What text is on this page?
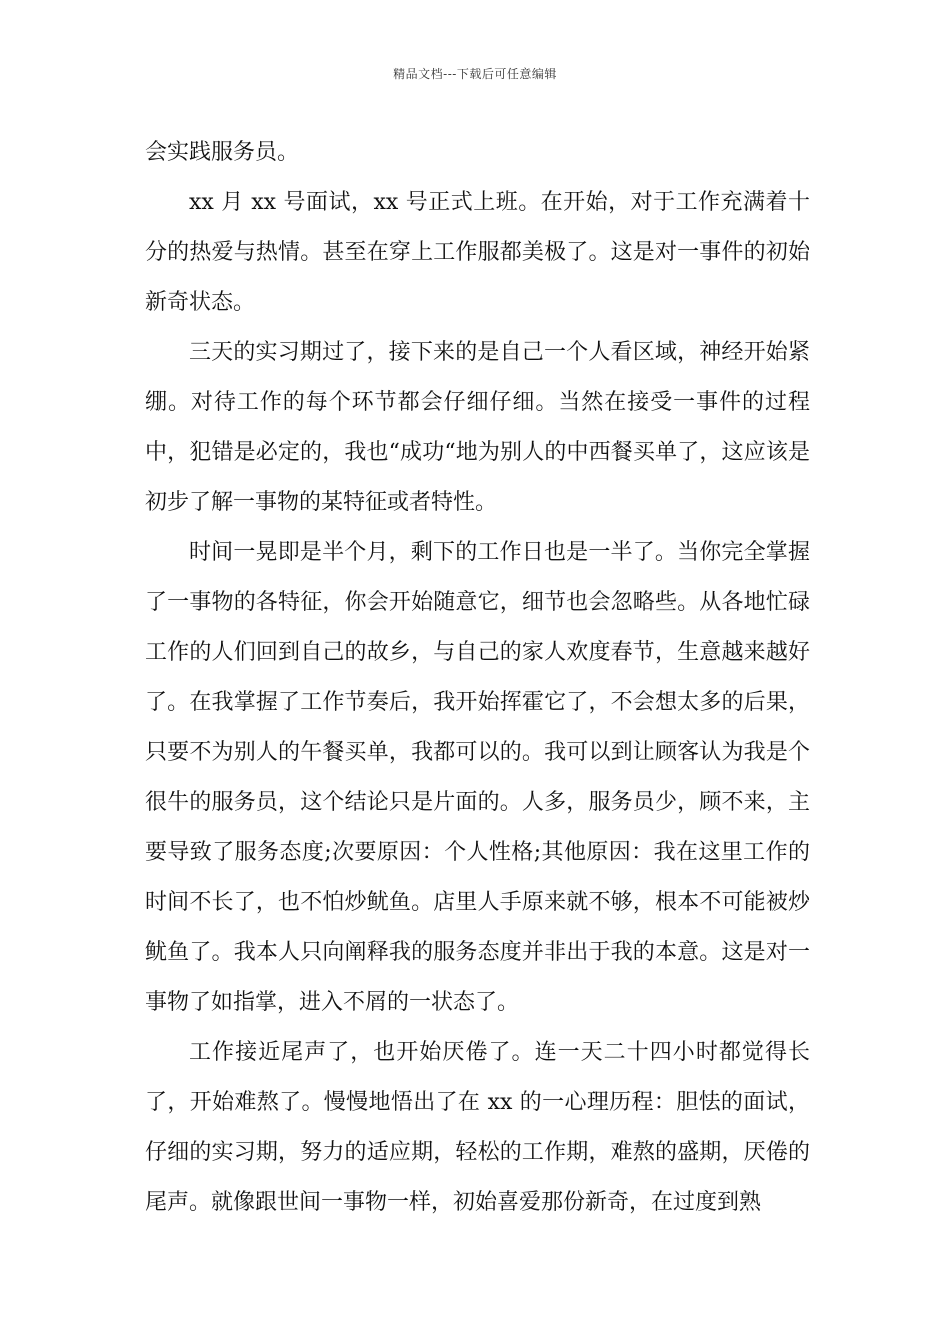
精品文档---下载后可任意编辑

会实践服务员。

xx 月 xx 号面试，xx 号正式上班。在开始，对于工作充满着十分的热爱与热情。甚至在穿上工作服都美极了。这是对一事件的初始新奇状态。

三天的实习期过了，接下来的是自己一个人看区域，神经开始紧绷。对待工作的每个环节都会仔细仔细。当然在接受一事件的过程中，犯错是必定的，我也“成功“地为别人的中西餐买单了，这应该是初步了解一事物的某特征或者特性。

时间一晃即是半个月，剩下的工作日也是一半了。当你完全掌握了一事物的各特征，你会开始随意它，细节也会忽略些。从各地忙碌工作的人们回到自己的故乡，与自己的家人欢度春节，生意越来越好了。在我掌握了工作节奏后，我开始挥霍它了，不会想太多的后果，只要不为别人的午餐买单，我都可以的。我可以到让顾客认为我是个很牛的服务员，这个结论只是片面的。人多，服务员少，顾不来，主要导致了服务态度;次要原因：个人性格;其他原因：我在这里工作的时间不长了，也不怕炒鱿鱼。店里人手原来就不够，根本不可能被炒鱿鱼了。我本人只向阐释我的服务态度并非出于我的本意。这是对一事物了如指掌，进入不屑的一状态了。

工作接近尾声了，也开始厌倦了。连一天二十四小时都觉得长了，开始难熬了。慢慢地悟出了在 xx 的一心理历程：胆怯的面试，仔细的实习期，努力的适应期，轻松的工作期，难熬的盛期，厌倦的尾声。就像跟世间一事物一样，初始喜爱那份新奇，在过度到熟
